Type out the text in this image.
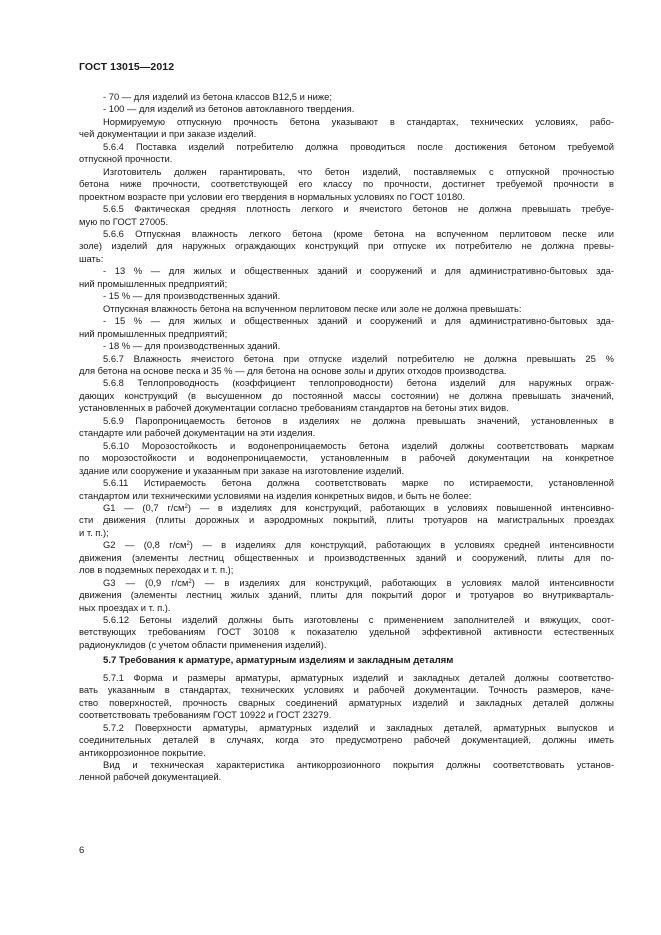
ГОСТ 13015—2012
- 70 — для изделий из бетона классов B12,5 и ниже;
- 100 — для изделий из бетонов автоклавного твердения.
Нормируемую отпускную прочность бетона указывают в стандартах, технических условиях, рабо-
чей документации и при заказе изделий.
5.6.4 Поставка изделий потребителю должна проводиться после достижения бетоном требуемой
отпускной прочности.
Изготовитель должен гарантировать, что бетон изделий, поставляемых с отпускной прочностью
бетона ниже прочности, соответствующей его классу по прочности, достигнет требуемой прочности в
проектном возрасте при условии его твердения в нормальных условиях по ГОСТ 10180.
5.6.5 Фактическая средняя плотность легкого и ячеистого бетонов не должна превышать требуе-
мую по ГОСТ 27005.
5.6.6 Отпускная влажность легкого бетона (кроме бетона на вспученном перлитовом песке или
золе) изделий для наружных ограждающих конструкций при отпуске их потребителю не должна превы-
шать:
- 13 % — для жилых и общественных зданий и сооружений и для административно-бытовых зда-
ний промышленных предприятий;
- 15 % — для производственных зданий.
Отпускная влажность бетона на вспученном перлитовом песке или золе не должна превышать:
- 15 % — для жилых и общественных зданий и сооружений и для административно-бытовых зда-
ний промышленных предприятий;
- 18 % — для производственных зданий.
5.6.7 Влажность ячеистого бетона при отпуске изделий потребителю не должна превышать 25 %
для бетона на основе песка и 35 % — для бетона на основе золы и других отходов производства.
5.6.8 Теплопроводность (коэффициент теплопроводности) бетона изделий для наружных ограж-
дающих конструкций (в высушенном до постоянной массы состоянии) не должна превышать значений,
установленных в рабочей документации согласно требованиям стандартов на бетоны этих видов.
5.6.9 Паропроницаемость бетонов в изделиях не должна превышать значений, установленных в
стандарте или рабочей документации на эти изделия.
5.6.10 Морозостойкость и водонепроницаемость бетона изделий должны соответствовать маркам
по морозостойкости и водонепроницаемости, установленным в рабочей документации на конкретное
здание или сооружение и указанным при заказе на изготовление изделий.
5.6.11 Истираемость бетона должна соответствовать марке по истираемости, установленной
стандартом или техническими условиями на изделия конкретных видов, и быть не более:
G1 — (0,7 $г/см^2$) — в изделиях для конструкций, работающих в условиях повышенной интенсивно-
сти движения (плиты дорожных и аэродромных покрытий, плиты тротуаров на магистральных проездах
и т. п.);
G2 — (0,8 $г/см^2$) — в изделиях для конструкций, работающих в условиях средней интенсивности
движения (элементы лестниц общественных и производственных зданий и сооружений, плиты для по-
лов в подземных переходах и т. п.);
G3 — (0,9 $г/см^2$) — в изделиях для конструкций, работающих в условиях малой интенсивности
движения (элементы лестниц жилых зданий, плиты для покрытий дорог и тротуаров во внутрикварталь-
ных проездах и т. п.).
5.6.12 Бетоны изделий должны быть изготовлены с применением заполнителей и вяжущих, соот-
ветствующих требованиям ГОСТ 30108 к показателю удельной эффективной активности естественных
радионуклидов (с учетом области применения изделий).
5.7 Требования к арматуре, арматурным изделиям и закладным деталям
5.7.1 Форма и размеры арматуры, арматурных изделий и закладных деталей должны соответство-
вать указанным в стандартах, технических условиях и рабочей документации. Точность размеров, каче-
ство поверхностей, прочность сварных соединений арматурных изделий и закладных деталей должны
соответствовать требованиям ГОСТ 10922 и ГОСТ 23279.
5.7.2 Поверхности арматуры, арматурных изделий и закладных деталей, арматурных выпусков и
соединительных деталей в случаях, когда это предусмотрено рабочей документацией, должны иметь
антикоррозионное покрытие.
Вид и техническая характеристика антикоррозионного покрытия должны соответствовать установ-
ленной рабочей документацией.
6
